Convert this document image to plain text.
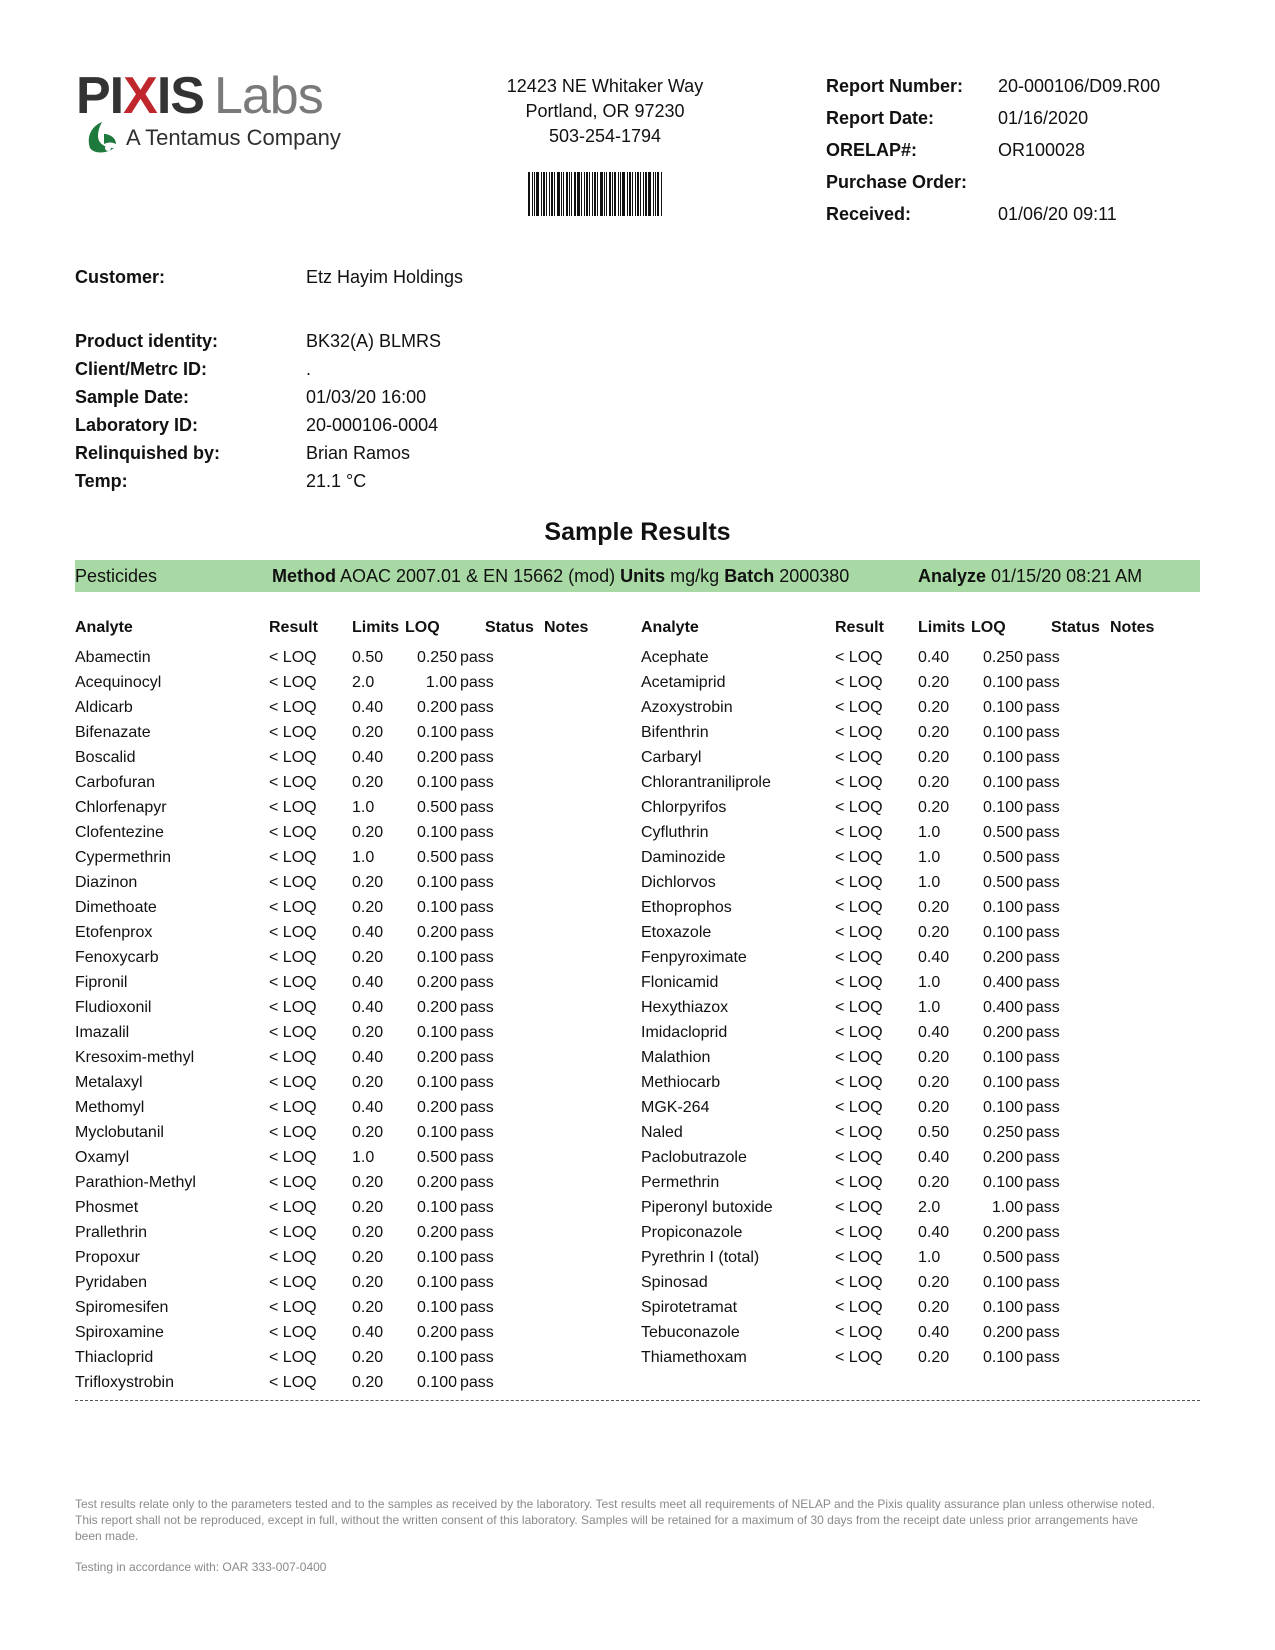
PIXIS Labs
A Tentamus Company
12423 NE Whitaker Way
Portland, OR 97230
503-254-1794
Report Number:	20-000106/D09.R00
Report Date:	01/16/2020
ORELAP#:	OR100028
Purchase Order:
Received:	01/06/20 09:11
Customer:	Etz Hayim Holdings
Product identity:	BK32(A) BLMRS
Client/Metrc ID:	.
Sample Date:	01/03/20 16:00
Laboratory ID:	20-000106-0004
Relinquished by:	Brian Ramos
Temp:	21.1 °C
Sample Results
Pesticides	Method AOAC 2007.01 & EN 15662 (mod) Units mg/kg Batch 2000380	Analyze 01/15/20 08:21 AM
Analyte	Result Limits LOQ	Status Notes
Abamectin	< LOQ 0.50	0.250 pass
Acequinocyl	< LOQ 2.0	1.00 pass
Aldicarb	< LOQ 0.40	0.200 pass
Bifenazate	< LOQ 0.20	0.100 pass
Boscalid	< LOQ 0.40	0.200 pass
Carbofuran	< LOQ 0.20	0.100 pass
Chlorfenapyr	< LOQ 1.0	0.500 pass
Clofentezine	< LOQ 0.20	0.100 pass
Cypermethrin	< LOQ 1.0	0.500 pass
Diazinon	< LOQ 0.20	0.100 pass
Dimethoate	< LOQ 0.20	0.100 pass
Etofenprox	< LOQ 0.40	0.200 pass
Fenoxycarb	< LOQ 0.20	0.100 pass
Fipronil	< LOQ 0.40	0.200 pass
Fludioxonil	< LOQ 0.40	0.200 pass
Imazalil	< LOQ 0.20	0.100 pass
Kresoxim-methyl	< LOQ 0.40	0.200 pass
Metalaxyl	< LOQ 0.20	0.100 pass
Methomyl	< LOQ 0.40	0.200 pass
Myclobutanil	< LOQ 0.20	0.100 pass
Oxamyl	< LOQ 1.0	0.500 pass
Parathion-Methyl	< LOQ 0.20	0.200 pass
Phosmet	< LOQ 0.20	0.100 pass
Prallethrin	< LOQ 0.20	0.200 pass
Propoxur	< LOQ 0.20	0.100 pass
Pyridaben	< LOQ 0.20	0.100 pass
Spiromesifen	< LOQ 0.20	0.100 pass
Spiroxamine	< LOQ 0.40	0.200 pass
Thiacloprid	< LOQ 0.20	0.100 pass
Trifloxystrobin	< LOQ 0.20	0.100 pass
Analyte	Result Limits LOQ	Status Notes
Acephate	< LOQ 0.40	0.250 pass
Acetamiprid	< LOQ 0.20	0.100 pass
Azoxystrobin	< LOQ 0.20	0.100 pass
Bifenthrin	< LOQ 0.20	0.100 pass
Carbaryl	< LOQ 0.20	0.100 pass
Chlorantraniliprole	< LOQ 0.20	0.100 pass
Chlorpyrifos	< LOQ 0.20	0.100 pass
Cyfluthrin	< LOQ 1.0	0.500 pass
Daminozide	< LOQ 1.0	0.500 pass
Dichlorvos	< LOQ 1.0	0.500 pass
Ethoprophos	< LOQ 0.20	0.100 pass
Etoxazole	< LOQ 0.20	0.100 pass
Fenpyroximate	< LOQ 0.40	0.200 pass
Flonicamid	< LOQ 1.0	0.400 pass
Hexythiazox	< LOQ 1.0	0.400 pass
Imidacloprid	< LOQ 0.40	0.200 pass
Malathion	< LOQ 0.20	0.100 pass
Methiocarb	< LOQ 0.20	0.100 pass
MGK-264	< LOQ 0.20	0.100 pass
Naled	< LOQ 0.50	0.250 pass
Paclobutrazole	< LOQ 0.40	0.200 pass
Permethrin	< LOQ 0.20	0.100 pass
Piperonyl butoxide	< LOQ 2.0	1.00 pass
Propiconazole	< LOQ 0.40	0.200 pass
Pyrethrin I (total)	< LOQ 1.0	0.500 pass
Spinosad	< LOQ 0.20	0.100 pass
Spirotetramat	< LOQ 0.20	0.100 pass
Tebuconazole	< LOQ 0.40	0.200 pass
Thiamethoxam	< LOQ 0.20	0.100 pass
Test results relate only to the parameters tested and to the samples as received by the laboratory. Test results meet all requirements of NELAP and the Pixis quality assurance plan unless otherwise noted. This report shall not be reproduced, except in full, without the written consent of this laboratory. Samples will be retained for a maximum of 30 days from the receipt date unless prior arrangements have been made.
Testing in accordance with: OAR 333-007-0400
